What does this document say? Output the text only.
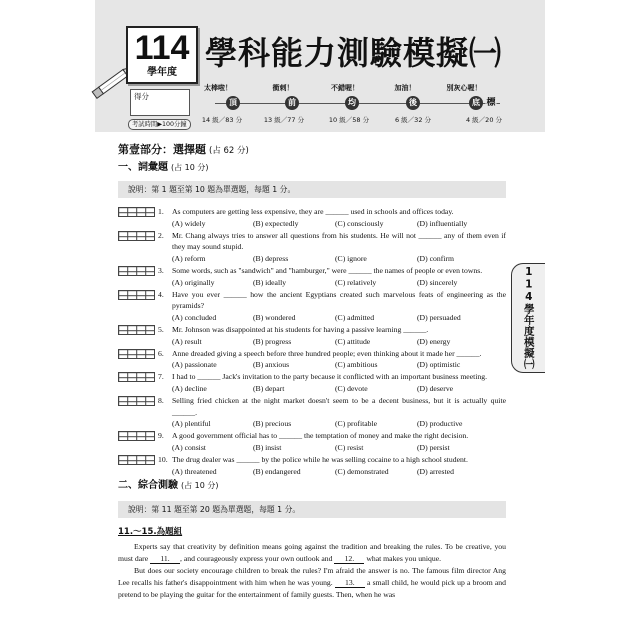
114
學年度
學科能力測驗模擬㈠
得分
考試時間▶100分鐘
太棒啦！
頂
14 級／83 分
衝刺！
前
13 級／77 分
不錯喔！
均
10 級／58 分
加油！
後
6 級／32 分
別灰心喔！
底 標
4 級／20 分
114學年度模擬㈠
第壹部分：選擇題 (占 62 分)
一、詞彙題 (占 10 分)
說明：第 1 題至第 10 題為單選題，每題 1 分。
1. As computers are getting less expensive, they are ______ used in schools and offices today.
(A) widely	(B) expectedly	(C) consciously	(D) influentially
2. Mr. Chang always tries to answer all questions from his students. He will not ______ any of them even if they may sound stupid.
(A) reform	(B) depress	(C) ignore	(D) confirm
3. Some words, such as "sandwich" and "hamburger," were ______ the names of people or even towns.
(A) originally	(B) ideally	(C) relatively	(D) sincerely
4. Have you ever ______ how the ancient Egyptians created such marvelous feats of engineering as the pyramids?
(A) concluded	(B) wondered	(C) admitted	(D) persuaded
5. Mr. Johnson was disappointed at his students for having a passive learning ______.
(A) result	(B) progress	(C) attitude	(D) energy
6. Anne dreaded giving a speech before three hundred people; even thinking about it made her ______.
(A) passionate	(B) anxious	(C) ambitious	(D) optimistic
7. I had to ______ Jack's invitation to the party because it conflicted with an important business meeting.
(A) decline	(B) depart	(C) devote	(D) deserve
8. Selling fried chicken at the night market doesn't seem to be a decent business, but it is actually quite ______.
(A) plentiful	(B) precious	(C) profitable	(D) productive
9. A good government official has to ______ the temptation of money and make the right decision.
(A) consist	(B) insist	(C) resist	(D) persist
10. The drug dealer was ______ by the police while he was selling cocaine to a high school student.
(A) threatened	(B) endangered	(C) demonstrated	(D) arrested
二、綜合測驗 (占 10 分)
說明：第 11 題至第 20 題為單選題，每題 1 分。
11.～15.為題組

Experts say that creativity by definition means going against the tradition and breaking the rules. To be creative, you must dare 11. , and courageously express your own outlook and 12. what makes you unique.

But does our society encourage children to break the rules? I'm afraid the answer is no. The famous film director Ang Lee recalls his father's disappointment with him when he was young. 13. a small child, he would pick up a broom and pretend to be playing the guitar for the entertainment of family guests. Then, when he was
